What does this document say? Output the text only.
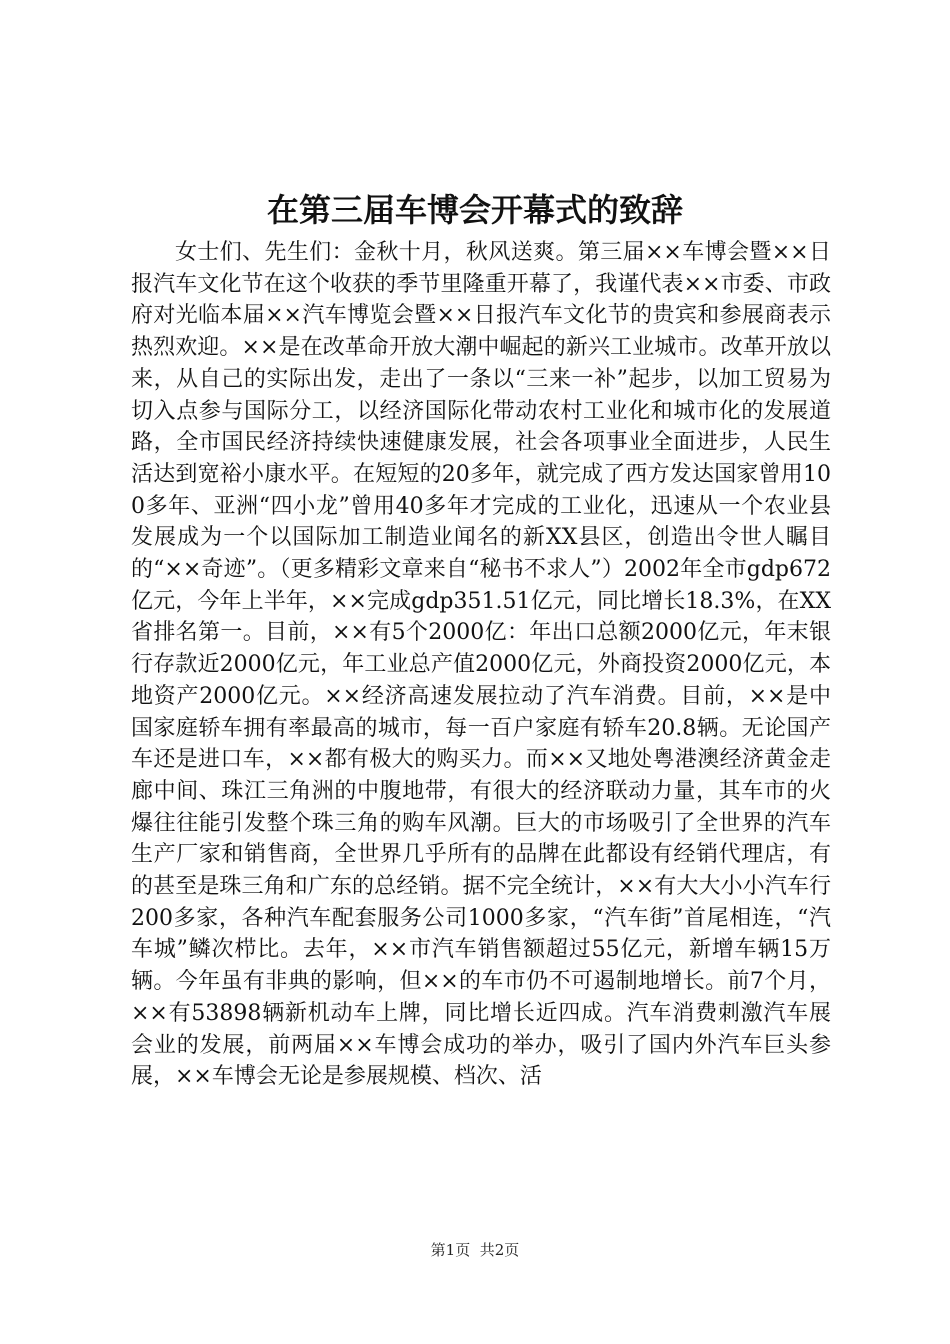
在第三届车博会开幕式的致辞

女士们、先生们：金秋十月，秋风送爽。第三届××车博会暨××日报汽车文化节在这个收获的季节里隆重开幕了，我谨代表××市委、市政府对光临本届××汽车博览会暨××日报汽车文化节的贵宾和参展商表示热烈欢迎。××是在改革命开放大潮中崛起的新兴工业城市。改革开放以来，从自己的实际出发，走出了一条以“三来一补”起步，以加工贸易为切入点参与国际分工，以经济国际化带动农村工业化和城市化的发展道路，全市国民经济持续快速健康发展，社会各项事业全面进步，人民生活达到宽裕小康水平。在短短的20多年，就完成了西方发达国家曾用100多年、亚洲“四小龙”曾用40多年才完成的工业化，迅速从一个农业县发展成为一个以国际加工制造业闻名的新XX县区，创造出令世人瞩目的“××奇迹”。（更多精彩文章来自“秘书不求人”）2002年全市gdp672亿元，今年上半年，××完成gdp351.51亿元，同比增长18.3%，在XX省排名第一。目前，××有5个2000亿：年出口总额2000亿元，年末银行存款近2000亿元，年工业总产值2000亿元，外商投资2000亿元，本地资产2000亿元。××经济高速发展拉动了汽车消费。目前，××是中国家庭轿车拥有率最高的城市，每一百户家庭有轿车20.8辆。无论国产车还是进口车，××都有极大的购买力。而××又地处粤港澳经济黄金走廊中间、珠江三角洲的中腹地带，有很大的经济联动力量，其车市的火爆往往能引发整个珠三角的购车风潮。巨大的市场吸引了全世界的汽车生产厂家和销售商，全世界几乎所有的品牌在此都设有经销代理店，有的甚至是珠三角和广东的总经销。据不完全统计，××有大大小小汽车行200多家，各种汽车配套服务公司1000多家，“汽车街”首尾相连，“汽车城”鳞次栉比。去年，××市汽车销售额超过55亿元，新增车辆15万辆。今年虽有非典的影响，但××的车市仍不可遏制地增长。前7个月，××有53898辆新机动车上牌，同比增长近四成。汽车消费刺激汽车展会业的发展，前两届××车博会成功的举办，吸引了国内外汽车巨头参展，××车博会无论是参展规模、档次、活

第1页 共2页
